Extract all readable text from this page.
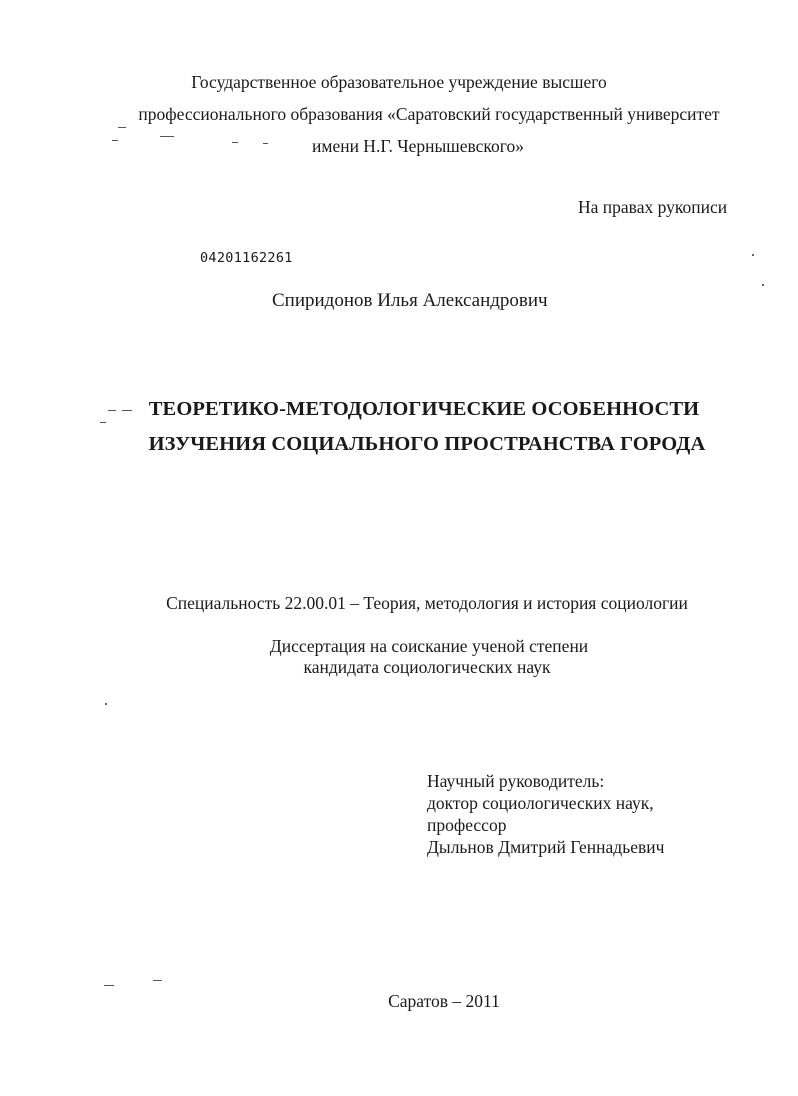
Государственное образовательное учреждение высшего
профессионального образования «Саратовский государственный университет
имени Н.Г. Чернышевского»
На правах рукописи
04201162261
Спиридонов Илья Александрович
ТЕОРЕТИКО-МЕТОДОЛОГИЧЕСКИЕ ОСОБЕННОСТИ
ИЗУЧЕНИЯ СОЦИАЛЬНОГО ПРОСТРАНСТВА ГОРОДА
Специальность 22.00.01 – Теория, методология и история социологии
Диссертация на соискание ученой степени
кандидата социологических наук
Научный руководитель:
доктор социологических наук,
профессор
Дыльнов Дмитрий Геннадьевич
Саратов – 2011
